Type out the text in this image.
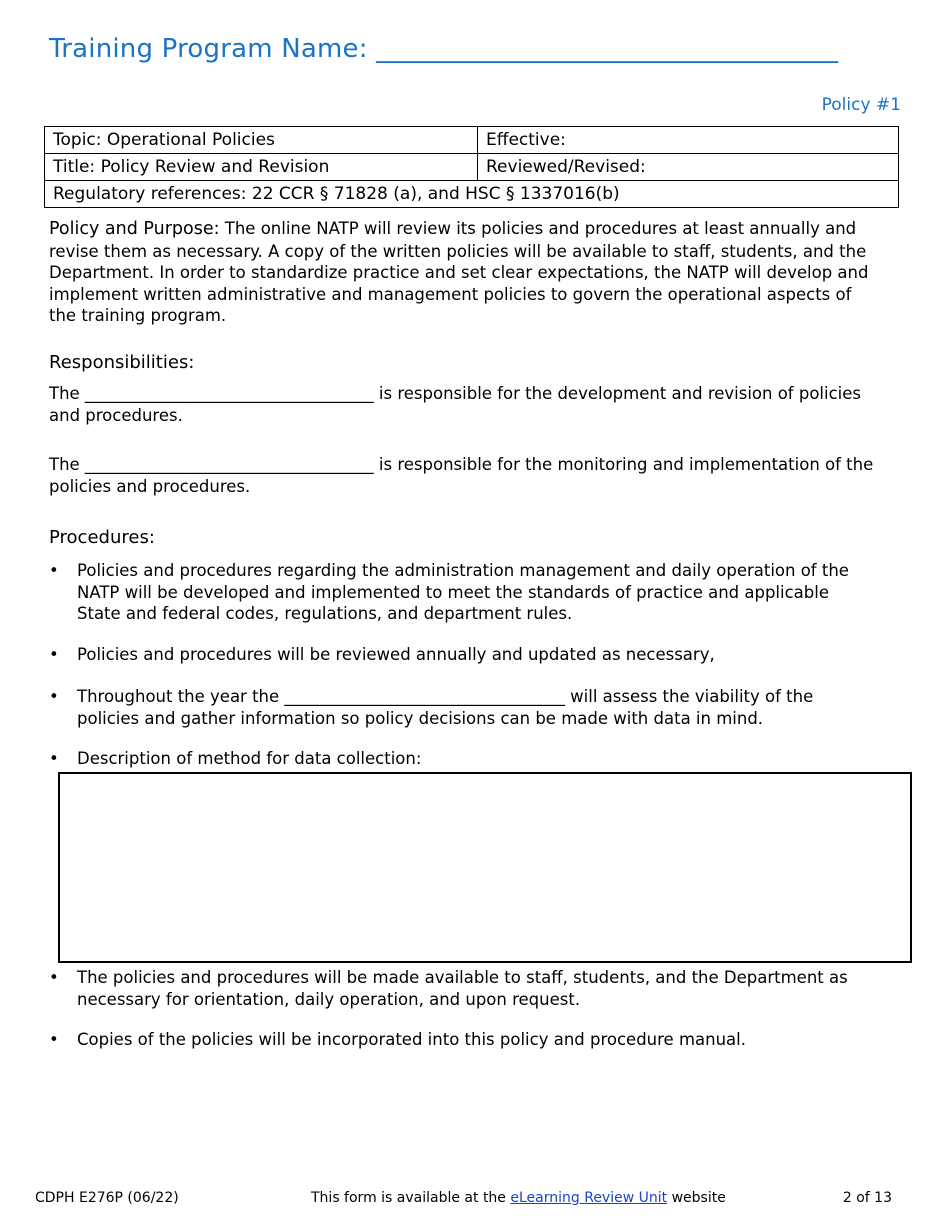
Training Program Name: ___________________________________
Policy #1
Topic: Operational Policies	Effective:
Title: Policy Review and Revision	Reviewed/Revised:
Regulatory references: 22 CCR § 71828 (a), and HSC § 1337016(b)	
Policy and Purpose: The online NATP will review its policies and procedures at least annually and revise them as necessary. A copy of the written policies will be available to staff, students, and the Department. In order to standardize practice and set clear expectations, the NATP will develop and implement written administrative and management policies to govern the operational aspects of the training program.
Responsibilities:
The ___________________________________ is responsible for the development and revision of policies and procedures.
The ___________________________________ is responsible for the monitoring and implementation of the policies and procedures.
Procedures:
• Policies and procedures regarding the administration management and daily operation of the NATP will be developed and implemented to meet the standards of practice and applicable State and federal codes, regulations, and department rules.
• Policies and procedures will be reviewed annually and updated as necessary,
• Throughout the year the __________________________________ will assess the viability of the policies and gather information so policy decisions can be made with data in mind.
• Description of method for data collection:
• The policies and procedures will be made available to staff, students, and the Department as necessary for orientation, daily operation, and upon request.
• Copies of the policies will be incorporated into this policy and procedure manual.
CDPH E276P (06/22)	This form is available at the eLearning Review Unit website	2 of 13
